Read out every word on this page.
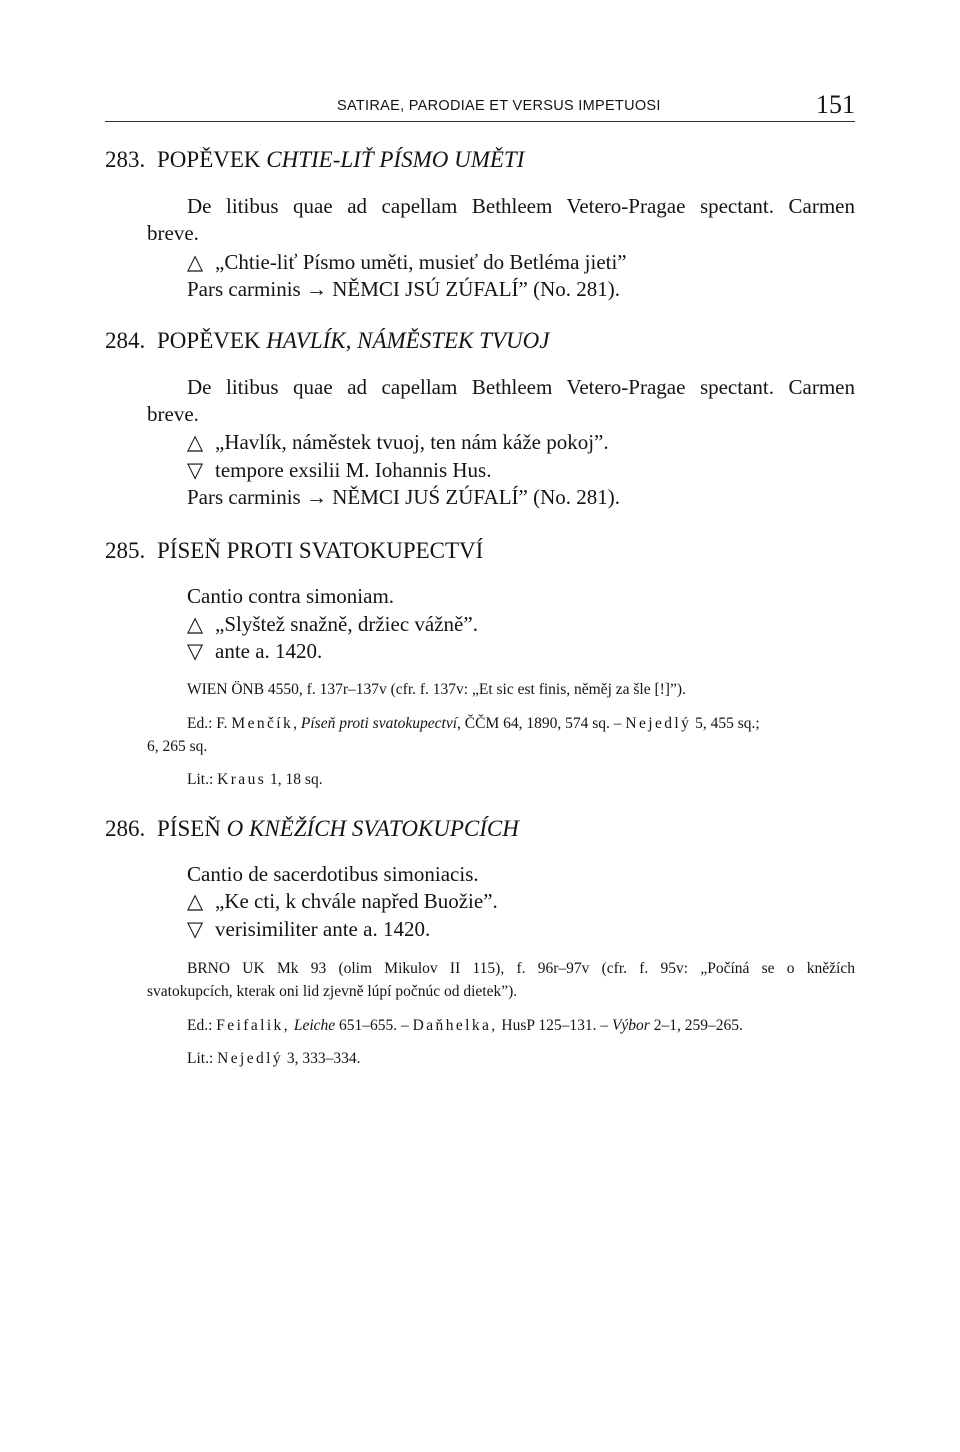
SATIRAE, PARODIAE ET VERSUS IMPETUOSI	151
283. POPĚVEK CHTIE-LIŤ PÍSMO UMĚTI
De litibus quae ad capellam Bethleem Vetero-Pragae spectant. Carmen
breve.
△ „Chtie-liť Písmo uměti, musieť do Betléma jieti”
Pars carminis → NĚMCI JSÚ ZÚFALÍ” (No. 281).
284. POPĚVEK HAVLÍK, NÁMĚSTEK TVUOJ
De litibus quae ad capellam Bethleem Vetero-Pragae spectant. Carmen
breve.
△ „Havlík, náměstek tvuoj, ten nám káže pokoj”.
▽ tempore exsilii M. Iohannis Hus.
Pars carminis → NĚMCI JUŚ ZÚFALÍ” (No. 281).
285. PÍSEŇ PROTI SVATOKUPECTVÍ
Cantio contra simoniam.
△ „Slyštež snažně, držiec vážně”.
▽ ante a. 1420.
WIEN ÖNB 4550, f. 137r–137v (cfr. f. 137v: „Et sic est finis, něměj za šle [!]”).
Ed.: F. Menčík, Píseň proti svatokupectví, ČČM 64, 1890, 574 sq. – Nejedlý 5, 455 sq.;
6, 265 sq.
Lit.: Kraus 1, 18 sq.
286. PÍSEŇ O KNĚŽÍCH SVATOKUPCÍCH
Cantio de sacerdotibus simoniacis.
△ „Ke cti, k chvále napřed Buožie”.
▽ verisimiliter ante a. 1420.
BRNO UK Mk 93 (olim Mikulov II 115), f. 96r–97v (cfr. f. 95v: „Počíná se o kněžích
svatokupcích, kterak oni lid zjevně lúpí počnúc od dietek”).
Ed.: Feifalik, Leiche 651–655. – Daňhelka, HusP 125–131. – Výbor 2–1, 259–265.
Lit.: Nejedlý 3, 333–334.
